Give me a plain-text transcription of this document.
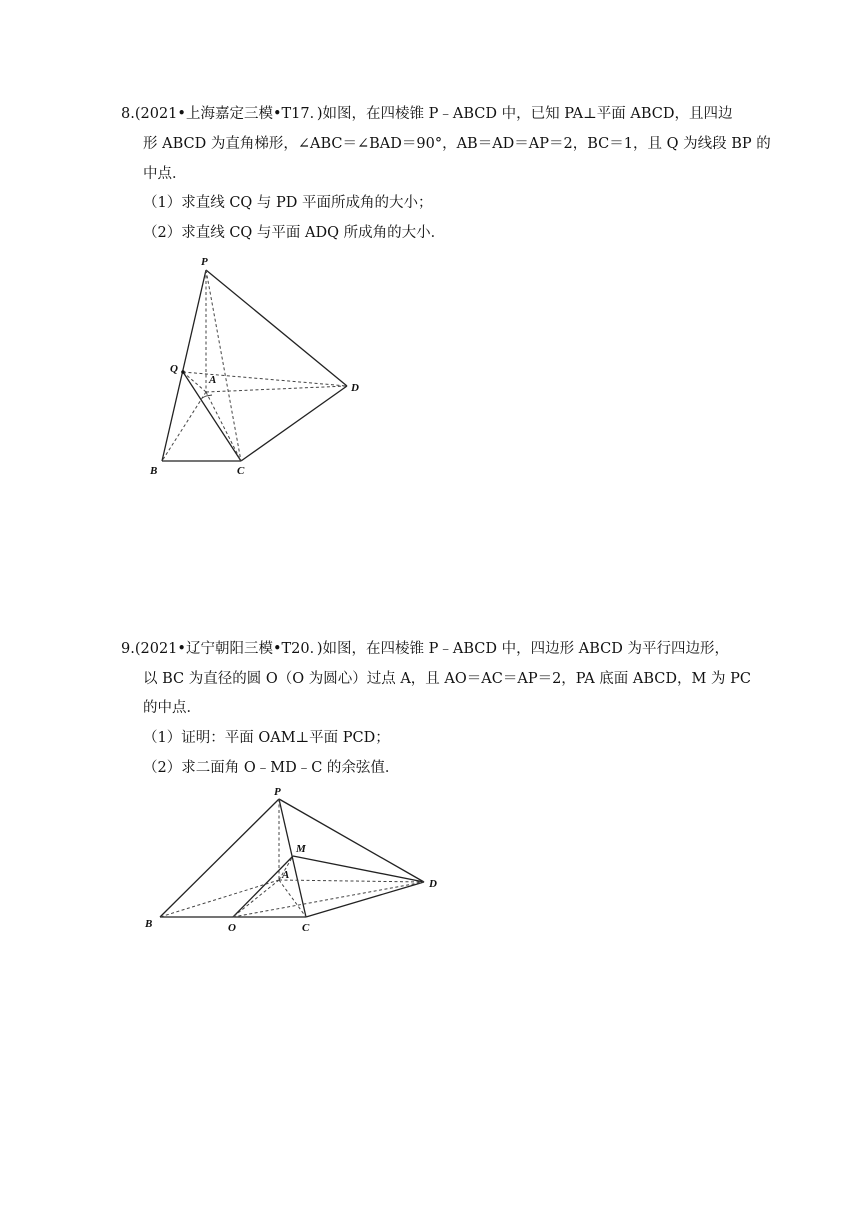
8.(2021•上海嘉定三模•T17．)如图，在四棱锥 P﹣ABCD 中，已知 PA⊥平面 ABCD，且四边
形 ABCD 为直角梯形，∠ABC＝∠BAD＝90°，AB＝AD＝AP＝2，BC＝1，且 Q 为线段 BP 的
中点．
（1）求直线 CQ 与 PD 平面所成角的大小；
（2）求直线 CQ 与平面 ADQ 所成角的大小．
P
Q
A
D
B	C
9.(2021•辽宁朝阳三模•T20．)如图，在四棱锥 P﹣ABCD 中，四边形 ABCD 为平行四边形，
以 BC 为直径的圆 O（O 为圆心）过点 A，且 AO＝AC＝AP＝2，PA 底面 ABCD，M 为 PC
的中点．
（1）证明：平面 OAM⊥平面 PCD；
（2）求二面角 O﹣MD﹣C 的余弦值．
P
M
A
D
B	O	C
